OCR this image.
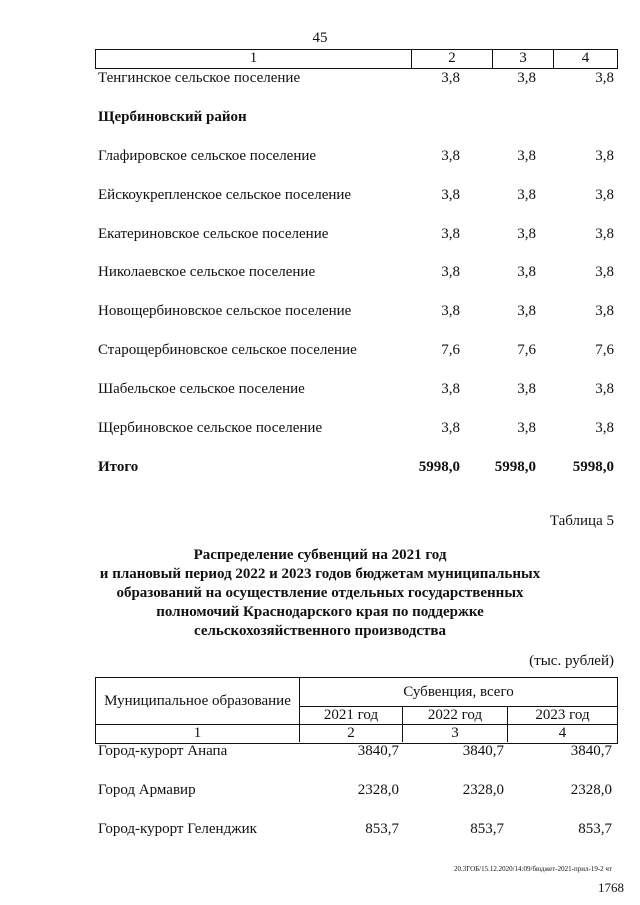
45
1	2	3	4
Тенгинское сельское поселение	3,8	3,8	3,8
Щербиновский район
Глафировское сельское поселение	3,8	3,8	3,8
Ейскоукрепленское сельское поселение	3,8	3,8	3,8
Екатериновское сельское поселение	3,8	3,8	3,8
Николаевское сельское поселение	3,8	3,8	3,8
Новощербиновское сельское поселение	3,8	3,8	3,8
Старощербиновское сельское поселение	7,6	7,6	7,6
Шабельское сельское поселение	3,8	3,8	3,8
Щербиновское сельское поселение	3,8	3,8	3,8
Итого	5998,0	5998,0	5998,0
Таблица 5
Распределение субвенций на 2021 год
и плановый период 2022 и 2023 годов бюджетам муниципальных
образований на осуществление отдельных государственных
полномочий Краснодарского края по поддержке
сельскохозяйственного производства
(тыс. рублей)
Муниципальное образование
Субвенция, всего
2021 год	2022 год	2023 год
1	2	3	4
Город-курорт Анапа	3840,7	3840,7	3840,7
Город Армавир	2328,0	2328,0	2328,0
Город-курорт Геленджик	853,7	853,7	853,7
20.3ГОБ/15.12.2020/14:09/бюджет-2021-прил-19-2 чт
1768
